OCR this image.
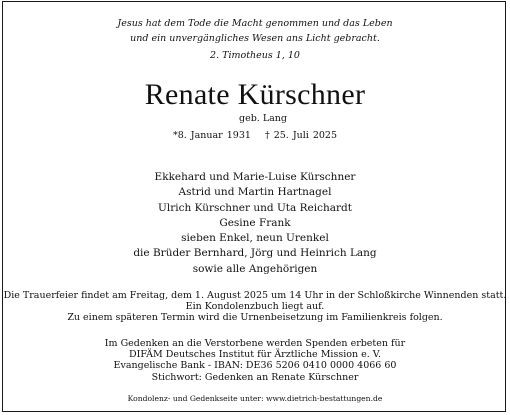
Jesus hat dem Tode die Macht genommen und das Leben
und ein unvergängliches Wesen ans Licht gebracht.
2. Timotheus 1, 10
Renate Kürschner
geb. Lang
*8. Januar 1931 † 25. Juli 2025
Ekkehard und Marie-Luise Kürschner
Astrid und Martin Hartnagel
Ulrich Kürschner und Uta Reichardt
Gesine Frank
sieben Enkel, neun Urenkel
die Brüder Bernhard, Jörg und Heinrich Lang
sowie alle Angehörigen
Die Trauerfeier findet am Freitag, dem 1. August 2025 um 14 Uhr in der Schloßkirche Winnenden statt.
Ein Kondolenzbuch liegt auf.
Zu einem späteren Termin wird die Urnenbeisetzung im Familienkreis folgen.
Im Gedenken an die Verstorbene werden Spenden erbeten für
DIFÄM Deutsches Institut für Ärztliche Mission e. V.
Evangelische Bank - IBAN: DE36 5206 0410 0000 4066 60
Stichwort: Gedenken an Renate Kürschner
Kondolenz- und Gedenkseite unter: www.dietrich-bestattungen.de
